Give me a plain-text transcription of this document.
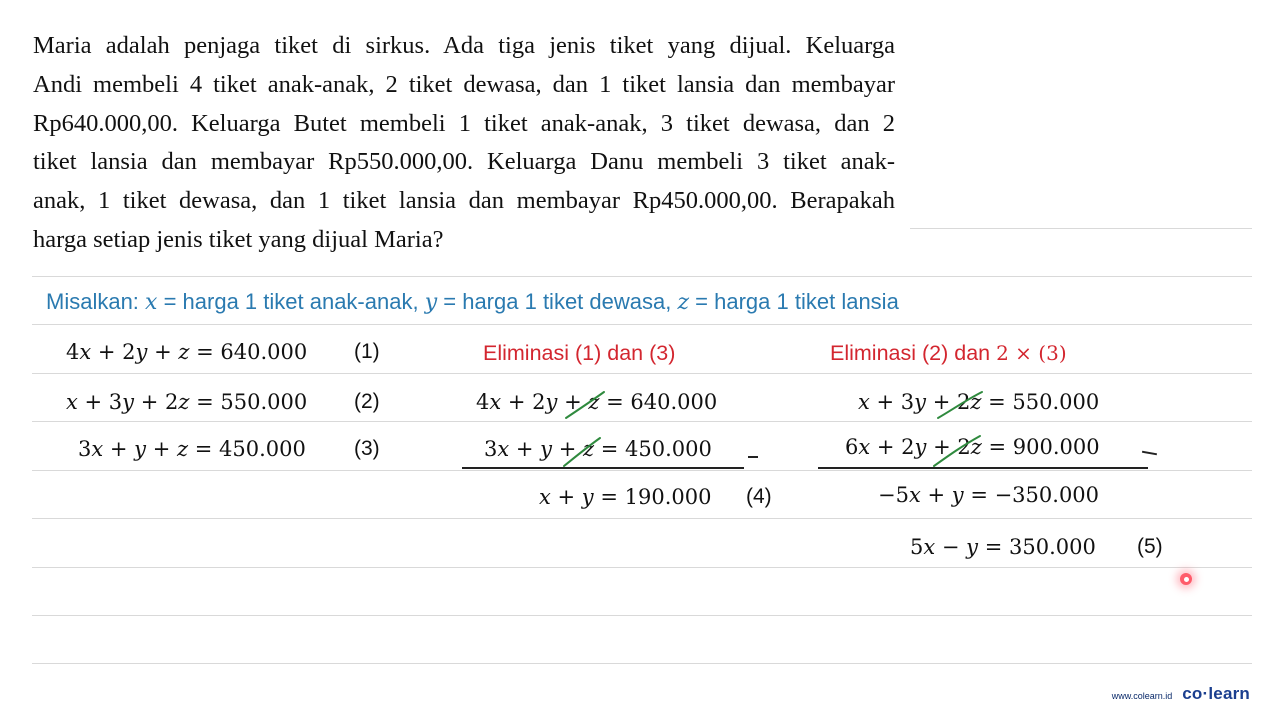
Maria adalah penjaga tiket di sirkus. Ada tiga jenis tiket yang dijual. Keluarga
Andi membeli 4 tiket anak-anak, 2 tiket dewasa, dan 1 tiket lansia dan membayar
Rp640.000,00. Keluarga Butet membeli 1 tiket anak-anak, 3 tiket dewasa, dan 2
tiket lansia dan membayar Rp550.000,00. Keluarga Danu membeli 3 tiket anak-
anak, 1 tiket dewasa, dan 1 tiket lansia dan membayar Rp450.000,00. Berapakah
harga setiap jenis tiket yang dijual Maria?
Misalkan: x = harga 1 tiket anak-anak, y = harga 1 tiket dewasa, z = harga 1 tiket lansia
4x + 2y + z = 640.000 (1)
x + 3y + 2z = 550.000 (2)
3x + y + z = 450.000 (3)
Eliminasi (1) dan (3)
4x + 2y + z = 640.000
3x + y + z = 450.000
x + y = 190.000 (4)
Eliminasi (2) dan 2 × (3)
x + 3y + 2z = 550.000
6x + 2y + 2z = 900.000
−5x + y = −350.000
5x − y = 350.000 (5)
www.colearn.id co·learn
